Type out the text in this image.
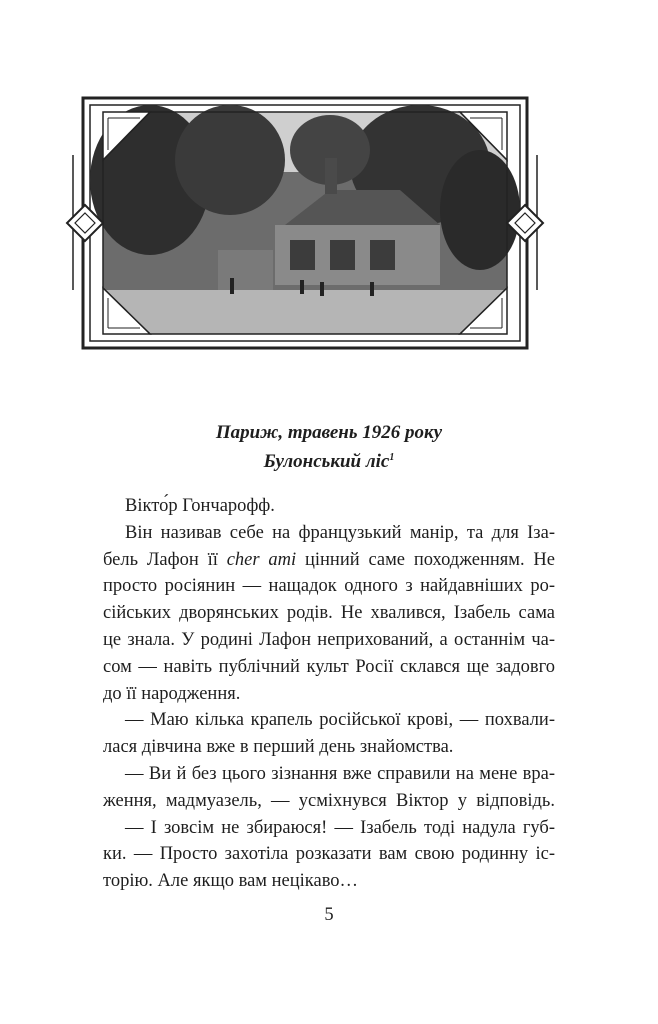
Париж, травень 1926 року
Булонський ліс$^1$
Вікто́р Гончарофф.
Він називав себе на французький манір, та для Іза-
бель Лафон її cher ami цінний саме походженням. Не
просто росіянин — нащадок одного з найдавніших ро-
сійських дворянських родів. Не хвалився, Ізабель сама
це знала. У родині Лафон неприхований, а останнім ча-
сом — навіть публічний культ Росії склався ще задовго
до її народження.
— Маю кілька крапель російської крові, — похвали-
лася дівчина вже в перший день знайомства.
— Ви й без цього зізнання вже справили на мене вра-
ження, мадмуазель, — усміхнувся Віктор у відповідь.
— І зовсім не збираюся! — Ізабель тоді надула губ-
ки. — Просто захотіла розказати вам свою родинну іс-
торію. Але якщо вам нецікаво…
5
